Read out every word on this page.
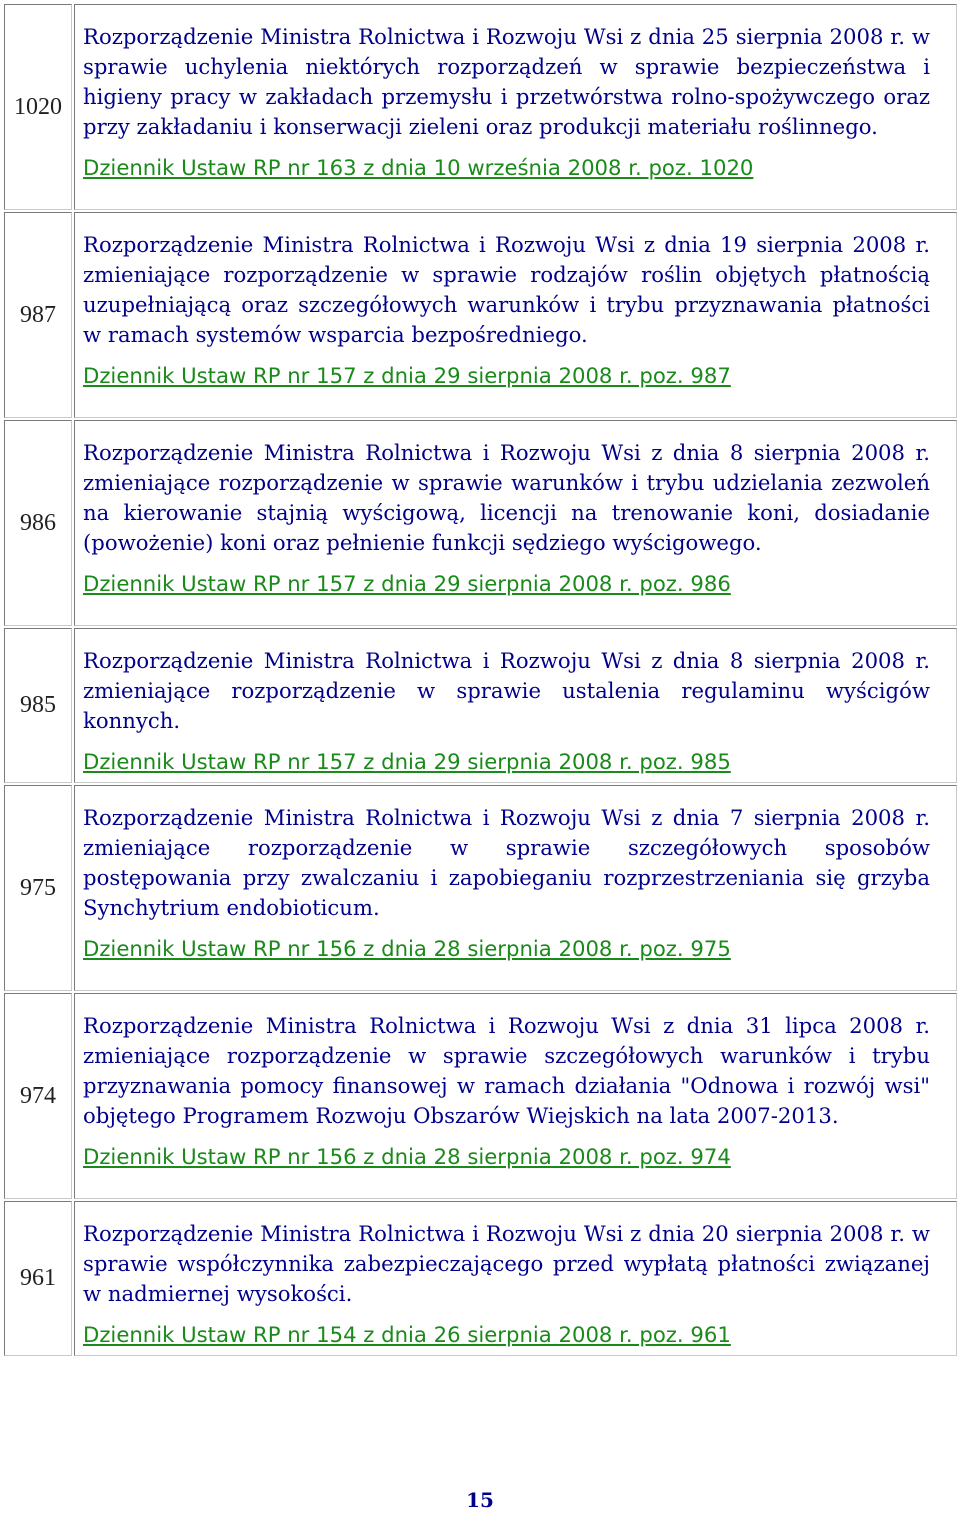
1020	Rozporządzenie Ministra Rolnictwa i Rozwoju Wsi z dnia 25 sierpnia 2008 r. w sprawie uchylenia niektórych rozporządzeń w sprawie bezpieczeństwa i higieny pracy w zakładach przemysłu i przetwórstwa rolno-spożywczego oraz przy zakładaniu i konserwacji zieleni oraz produkcji materiału roślinnego.

Dziennik Ustaw RP nr 163 z dnia 10 września 2008 r. poz. 1020

987	Rozporządzenie Ministra Rolnictwa i Rozwoju Wsi z dnia 19 sierpnia 2008 r. zmieniające rozporządzenie w sprawie rodzajów roślin objętych płatnością uzupełniającą oraz szczegółowych warunków i trybu przyznawania płatności w ramach systemów wsparcia bezpośredniego.

Dziennik Ustaw RP nr 157 z dnia 29 sierpnia 2008 r. poz. 987

986	Rozporządzenie Ministra Rolnictwa i Rozwoju Wsi z dnia 8 sierpnia 2008 r. zmieniające rozporządzenie w sprawie warunków i trybu udzielania zezwoleń na kierowanie stajnią wyścigową, licencji na trenowanie koni, dosiadanie (powożenie) koni oraz pełnienie funkcji sędziego wyścigowego.

Dziennik Ustaw RP nr 157 z dnia 29 sierpnia 2008 r. poz. 986

985	Rozporządzenie Ministra Rolnictwa i Rozwoju Wsi z dnia 8 sierpnia 2008 r. zmieniające rozporządzenie w sprawie ustalenia regulaminu wyścigów konnych.

Dziennik Ustaw RP nr 157 z dnia 29 sierpnia 2008 r. poz. 985

975	Rozporządzenie Ministra Rolnictwa i Rozwoju Wsi z dnia 7 sierpnia 2008 r. zmieniające rozporządzenie w sprawie szczegółowych sposobów postępowania przy zwalczaniu i zapobieganiu rozprzestrzeniania się grzyba Synchytrium endobioticum.

Dziennik Ustaw RP nr 156 z dnia 28 sierpnia 2008 r. poz. 975

974	Rozporządzenie Ministra Rolnictwa i Rozwoju Wsi z dnia 31 lipca 2008 r. zmieniające rozporządzenie w sprawie szczegółowych warunków i trybu przyznawania pomocy finansowej w ramach działania "Odnowa i rozwój wsi" objętego Programem Rozwoju Obszarów Wiejskich na lata 2007-2013.

Dziennik Ustaw RP nr 156 z dnia 28 sierpnia 2008 r. poz. 974

961	Rozporządzenie Ministra Rolnictwa i Rozwoju Wsi z dnia 20 sierpnia 2008 r. w sprawie współczynnika zabezpieczającego przed wypłatą płatności związanej w nadmiernej wysokości.

Dziennik Ustaw RP nr 154 z dnia 26 sierpnia 2008 r. poz. 961
15
